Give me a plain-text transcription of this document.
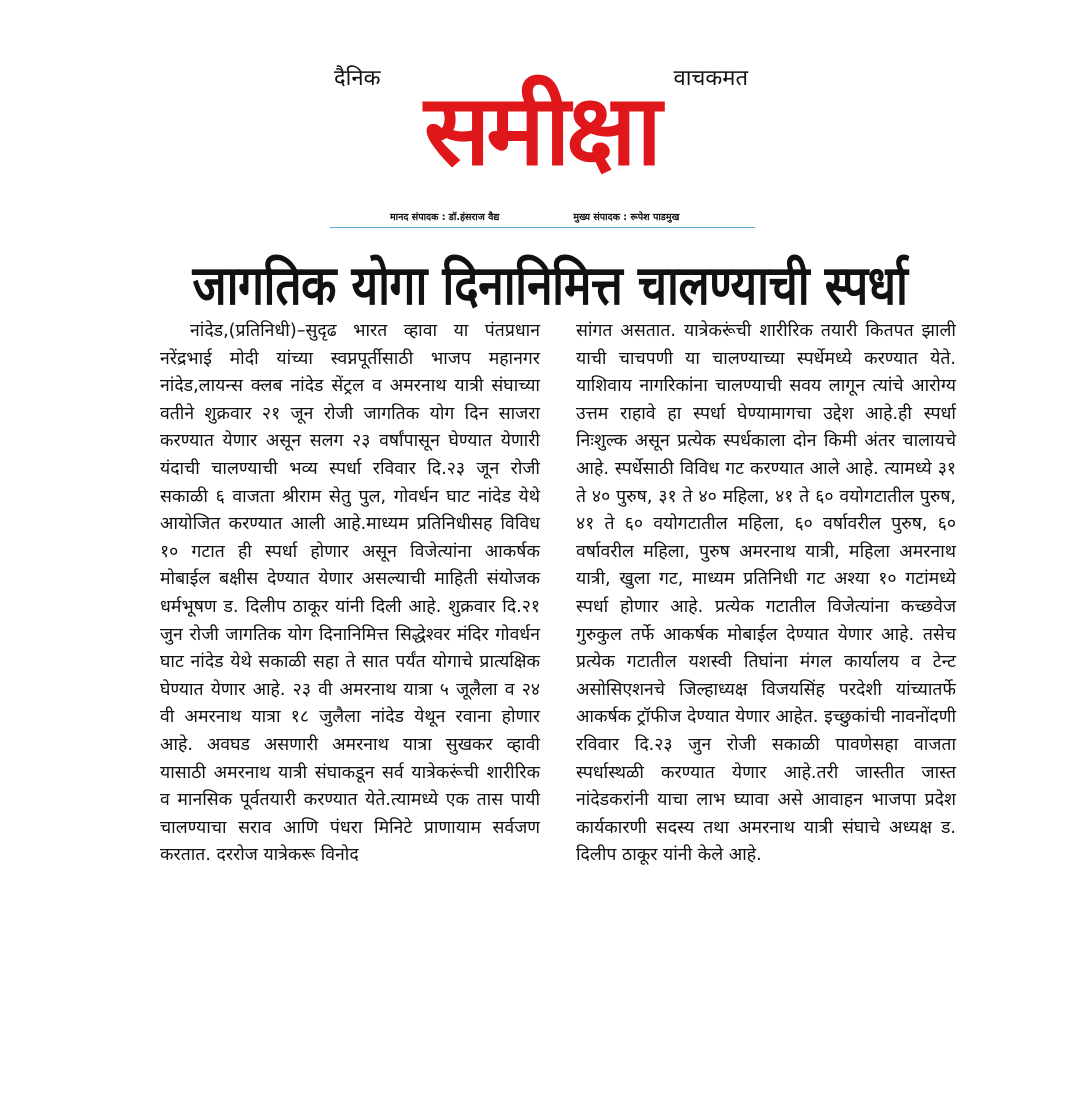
दैनिक	वाचकमत
समीक्षा
मानद संपादक : डॉ.हंसराज वैद्य	मुख्य संपादक : रूपेश पाडमुख
जागतिक योगा दिनानिमित्त चालण्याची स्पर्धा

नांदेड,(प्रतिनिधी)–सुदृढ भारत व्हावा या पंतप्रधान नरेंद्रभाई मोदी यांच्या स्वप्नपूर्तीसाठी भाजप महानगर नांदेड,लायन्स क्लब नांदेड सेंट्रल व अमरनाथ यात्री संघाच्या वतीने शुक्रवार २१ जून रोजी जागतिक योग दिन साजरा करण्यात येणार असून सलग २३ वर्षांपासून घेण्यात येणारी यंदाची चालण्याची भव्य स्पर्धा रविवार दि.२३ जून रोजी सकाळी ६ वाजता श्रीराम सेतु पुल, गोवर्धन घाट नांदेड येथे आयोजित करण्यात आली आहे.माध्यम प्रतिनिधीसह विविध १० गटात ही स्पर्धा होणार असून विजेत्यांना आकर्षक मोबाईल बक्षीस देण्यात येणार असल्याची माहिती संयोजक धर्मभूषण ड. दिलीप ठाकूर यांनी दिली आहे. शुक्रवार दि.२१ जुन रोजी जागतिक योग दिनानिमित्त सिद्धेश्वर मंदिर गोवर्धन घाट नांदेड येथे सकाळी सहा ते सात पर्यंत योगाचे प्रात्यक्षिक घेण्यात येणार आहे. २३ वी अमरनाथ यात्रा ५ जूलैला व २४ वी अमरनाथ यात्रा १८ जुलैला नांदेड येथून रवाना होणार आहे. अवघड असणारी अमरनाथ यात्रा सुखकर व्हावी यासाठी अमरनाथ यात्री संघाकडून सर्व यात्रेकरूंची शारीरिक व मानसिक पूर्वतयारी करण्यात येते.त्यामध्ये एक तास पायी चालण्याचा सराव आणि पंधरा मिनिटे प्राणायाम सर्वजण करतात. दररोज यात्रेकरू विनोद

सांगत असतात. यात्रेकरूंची शारीरिक तयारी कितपत झाली याची चाचपणी या चालण्याच्या स्पर्धेमध्ये करण्यात येते. याशिवाय नागरिकांना चालण्याची सवय लागून त्यांचे आरोग्य उत्तम राहावे हा स्पर्धा घेण्यामागचा उद्देश आहे.ही स्पर्धा निःशुल्क असून प्रत्येक स्पर्धकाला दोन किमी अंतर चालायचे आहे. स्पर्धेसाठी विविध गट करण्यात आले आहे. त्यामध्ये ३१ ते ४० पुरुष, ३१ ते ४० महिला, ४१ ते ६० वयोगटातील पुरुष, ४१ ते ६० वयोगटातील महिला, ६० वर्षावरील पुरुष, ६० वर्षावरील महिला, पुरुष अमरनाथ यात्री, महिला अमरनाथ यात्री, खुला गट, माध्यम प्रतिनिधी गट अश्या १० गटांमध्ये स्पर्धा होणार आहे. प्रत्येक गटातील विजेत्यांना कच्छवेज गुरुकुल तर्फे आकर्षक मोबाईल देण्यात येणार आहे. तसेच प्रत्येक गटातील यशस्वी तिघांना मंगल कार्यालय व टेन्ट असोसिएशनचे जिल्हाध्यक्ष विजयसिंह परदेशी यांच्यातर्फे आकर्षक ट्रॉफीज देण्यात येणार आहेत. इच्छुकांची नावनोंदणी रविवार दि.२३ जुन रोजी सकाळी पावणेसहा वाजता स्पर्धास्थळी करण्यात येणार आहे.तरी जास्तीत जास्त नांदेडकरांनी याचा लाभ घ्यावा असे आवाहन भाजपा प्रदेश कार्यकारणी सदस्य तथा अमरनाथ यात्री संघाचे अध्यक्ष ड. दिलीप ठाकूर यांनी केले आहे.
